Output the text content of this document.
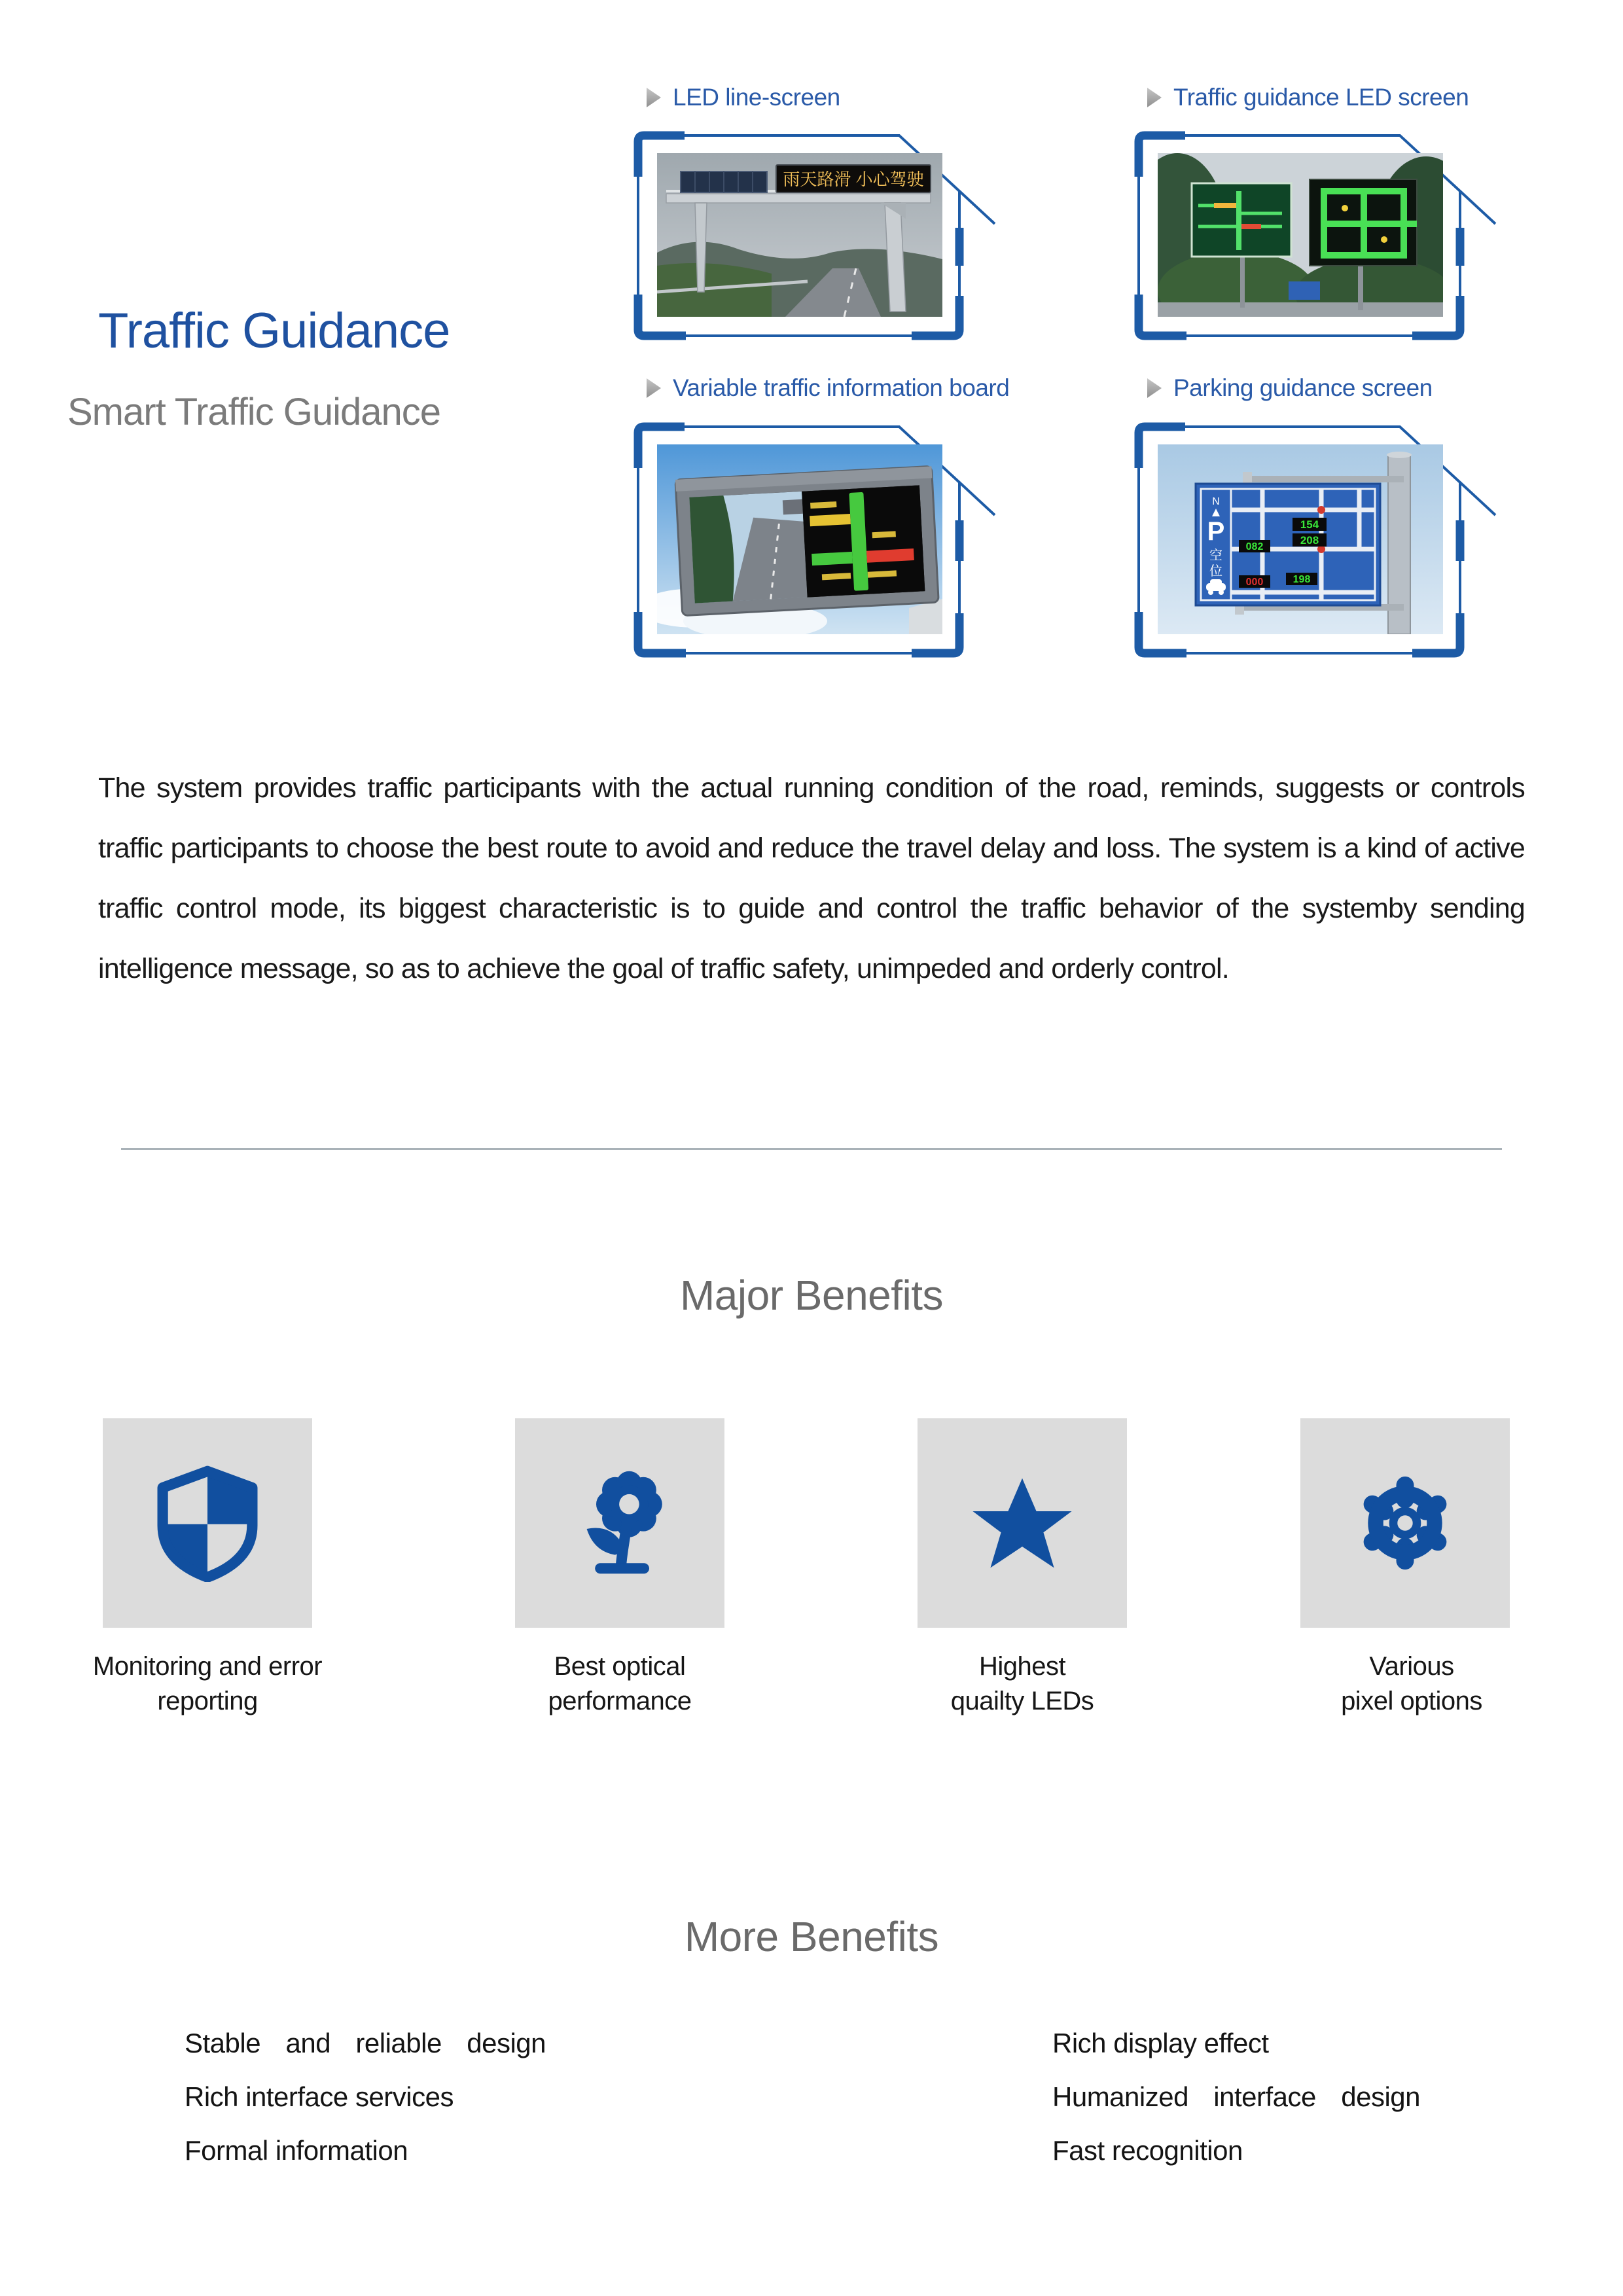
Traffic Guidance
Smart Traffic Guidance
LED line-screen
雨天路滑 小心驾驶
Traffic guidance LED screen
Variable traffic information board	Parking guidance screen
N
P
空
位
154
208
082
198
000
The system provides traffic participants with the actual running condition of the road, reminds, suggests or controls traffic participants to choose the best route to avoid and reduce the travel delay and loss. The system is a kind of active traffic control mode, its biggest characteristic is to guide and control the traffic behavior of the systemby sending intelligence message, so as to achieve the goal of traffic safety, unimpeded and orderly control.
Major Benefits
Monitoring and error
reporting
Best optical
performance
Highest
quailty LEDs
Various
pixel options
More Benefits
Stable and reliable design
Rich interface services
Formal information
Rich display effect
Humanized interface design
Fast recognition
